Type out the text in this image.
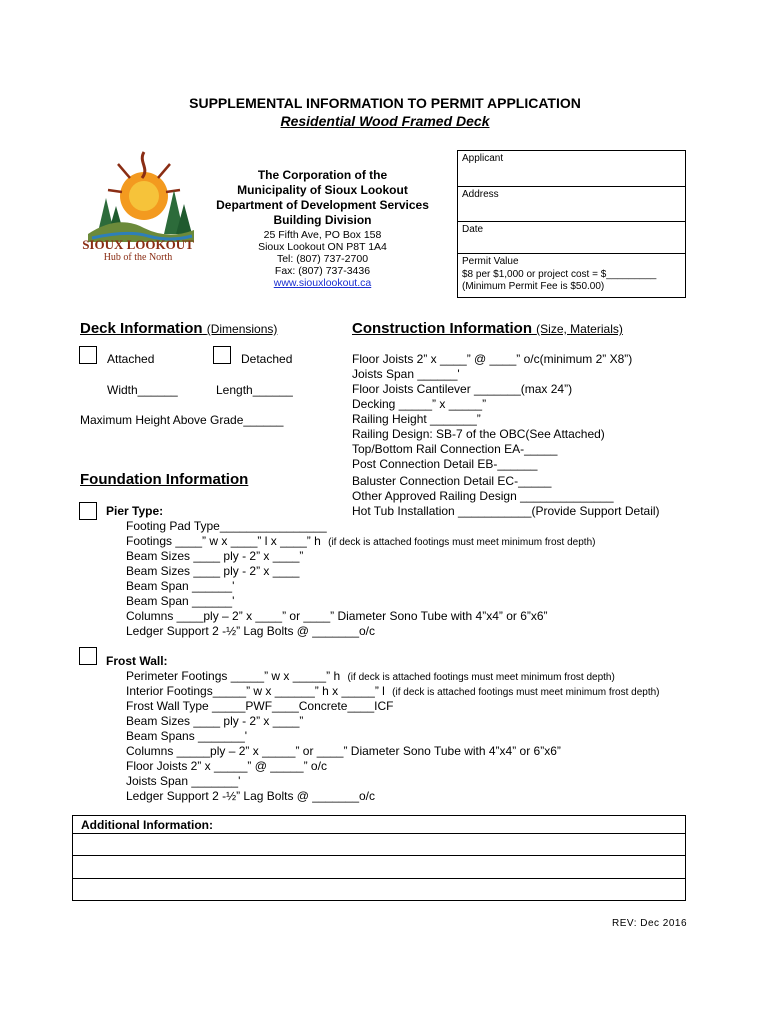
SUPPLEMENTAL INFORMATION TO PERMIT APPLICATION
Residential Wood Framed Deck
SIOUX LOOKOUT
Hub of the North
The Corporation of the
Municipality of Sioux Lookout
Department of Development Services
Building Division
25 Fifth Ave, PO Box 158
Sioux Lookout ON P8T 1A4
Tel: (807) 737-2700
Fax: (807) 737-3436
www.siouxlookout.ca
Applicant
Address
Date
Permit Value
$8 per $1,000 or project cost = $_________
(Minimum Permit Fee is $50.00)
Deck Information (Dimensions)
Attached	Detached
Width______	Length______
Maximum Height Above Grade______
Construction Information (Size, Materials)
Floor Joists 2” x ____” @ ____” o/c(minimum 2” X8”)
Joists Span ______'
Floor Joists Cantilever _______(max 24”)
Decking _____” x _____”
Railing Height _______”
Railing Design: SB-7 of the OBC(See Attached)
Top/Bottom Rail Connection EA-_____
Post Connection Detail EB-______
Baluster Connection Detail EC-_____
Other Approved Railing Design ______________
Hot Tub Installation ___________(Provide Support Detail)
Foundation Information
Pier Type:
Footing Pad Type________________
Footings ____” w x ____” l x ____” h (if deck is attached footings must meet minimum frost depth)
Beam Sizes ____ ply - 2” x ____”
Beam Sizes ____ ply - 2” x ____
Beam Span ______'
Beam Span ______'
Columns ____ply – 2” x ____” or ____” Diameter Sono Tube with 4”x4” or 6”x6”
Ledger Support 2 -½” Lag Bolts @ _______o/c
Frost Wall:
Perimeter Footings _____” w x _____” h (if deck is attached footings must meet minimum frost depth)
Interior Footings_____” w x ______” h x _____” l (if deck is attached footings must meet minimum frost depth)
Frost Wall Type _____PWF____Concrete____ICF
Beam Sizes ____ ply - 2” x ____”
Beam Spans _______'
Columns _____ply – 2” x _____” or ____” Diameter Sono Tube with 4”x4” or 6”x6”
Floor Joists 2” x _____” @ _____” o/c
Joists Span _______'
Ledger Support 2 -½” Lag Bolts @ _______o/c
Additional Information:
REV: Dec 2016
